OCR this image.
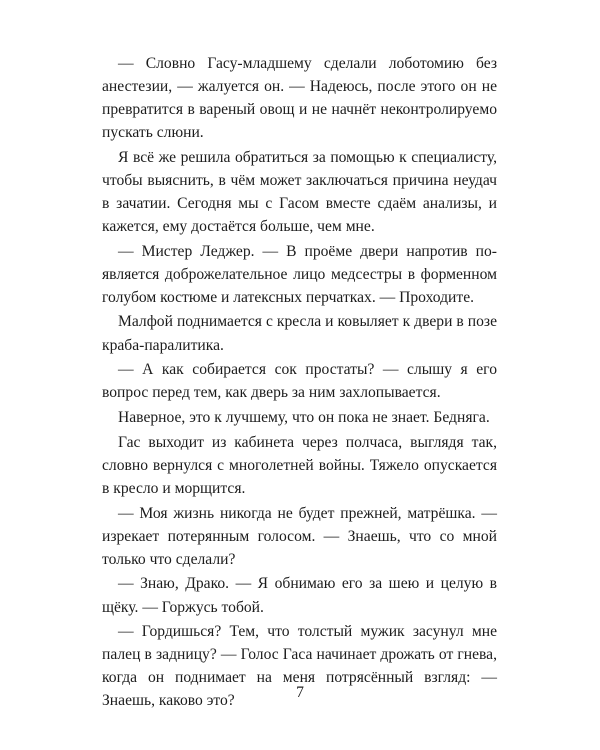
— Словно Гасу-младшему сделали лоботомию без анестезии, — жалуется он. — Надеюсь, после этого он не превратится в вареный овощ и не начнёт неконтролируемо пускать слюни.

Я всё же решила обратиться за помощью к специалисту, чтобы выяснить, в чём может заключаться причина неудач в зачатии. Сегодня мы с Гасом вместе сдаём анализы, и кажется, ему достаётся больше, чем мне.

— Мистер Леджер. — В проёме двери напротив появляется доброжелательное лицо медсестры в форменном голубом костюме и латексных перчатках. — Проходите.

Малфой поднимается с кресла и ковыляет к двери в позе краба-паралитика.

— А как собирается сок простаты? — слышу я его вопрос перед тем, как дверь за ним захлопывается.

Наверное, это к лучшему, что он пока не знает. Бедняга.

Гас выходит из кабинета через полчаса, выглядя так, словно вернулся с многолетней войны. Тяжело опускается в кресло и морщится.

— Моя жизнь никогда не будет прежней, матрёшка. — изрекает потерянным голосом. — Знаешь, что со мной только что сделали?

— Знаю, Драко. — Я обнимаю его за шею и целую в щёку. — Горжусь тобой.

— Гордишься? Тем, что толстый мужик засунул мне палец в задницу? — Голос Гаса начинает дрожать от гнева, когда он поднимает на меня потрясённый взгляд: — Знаешь, каково это?	7
